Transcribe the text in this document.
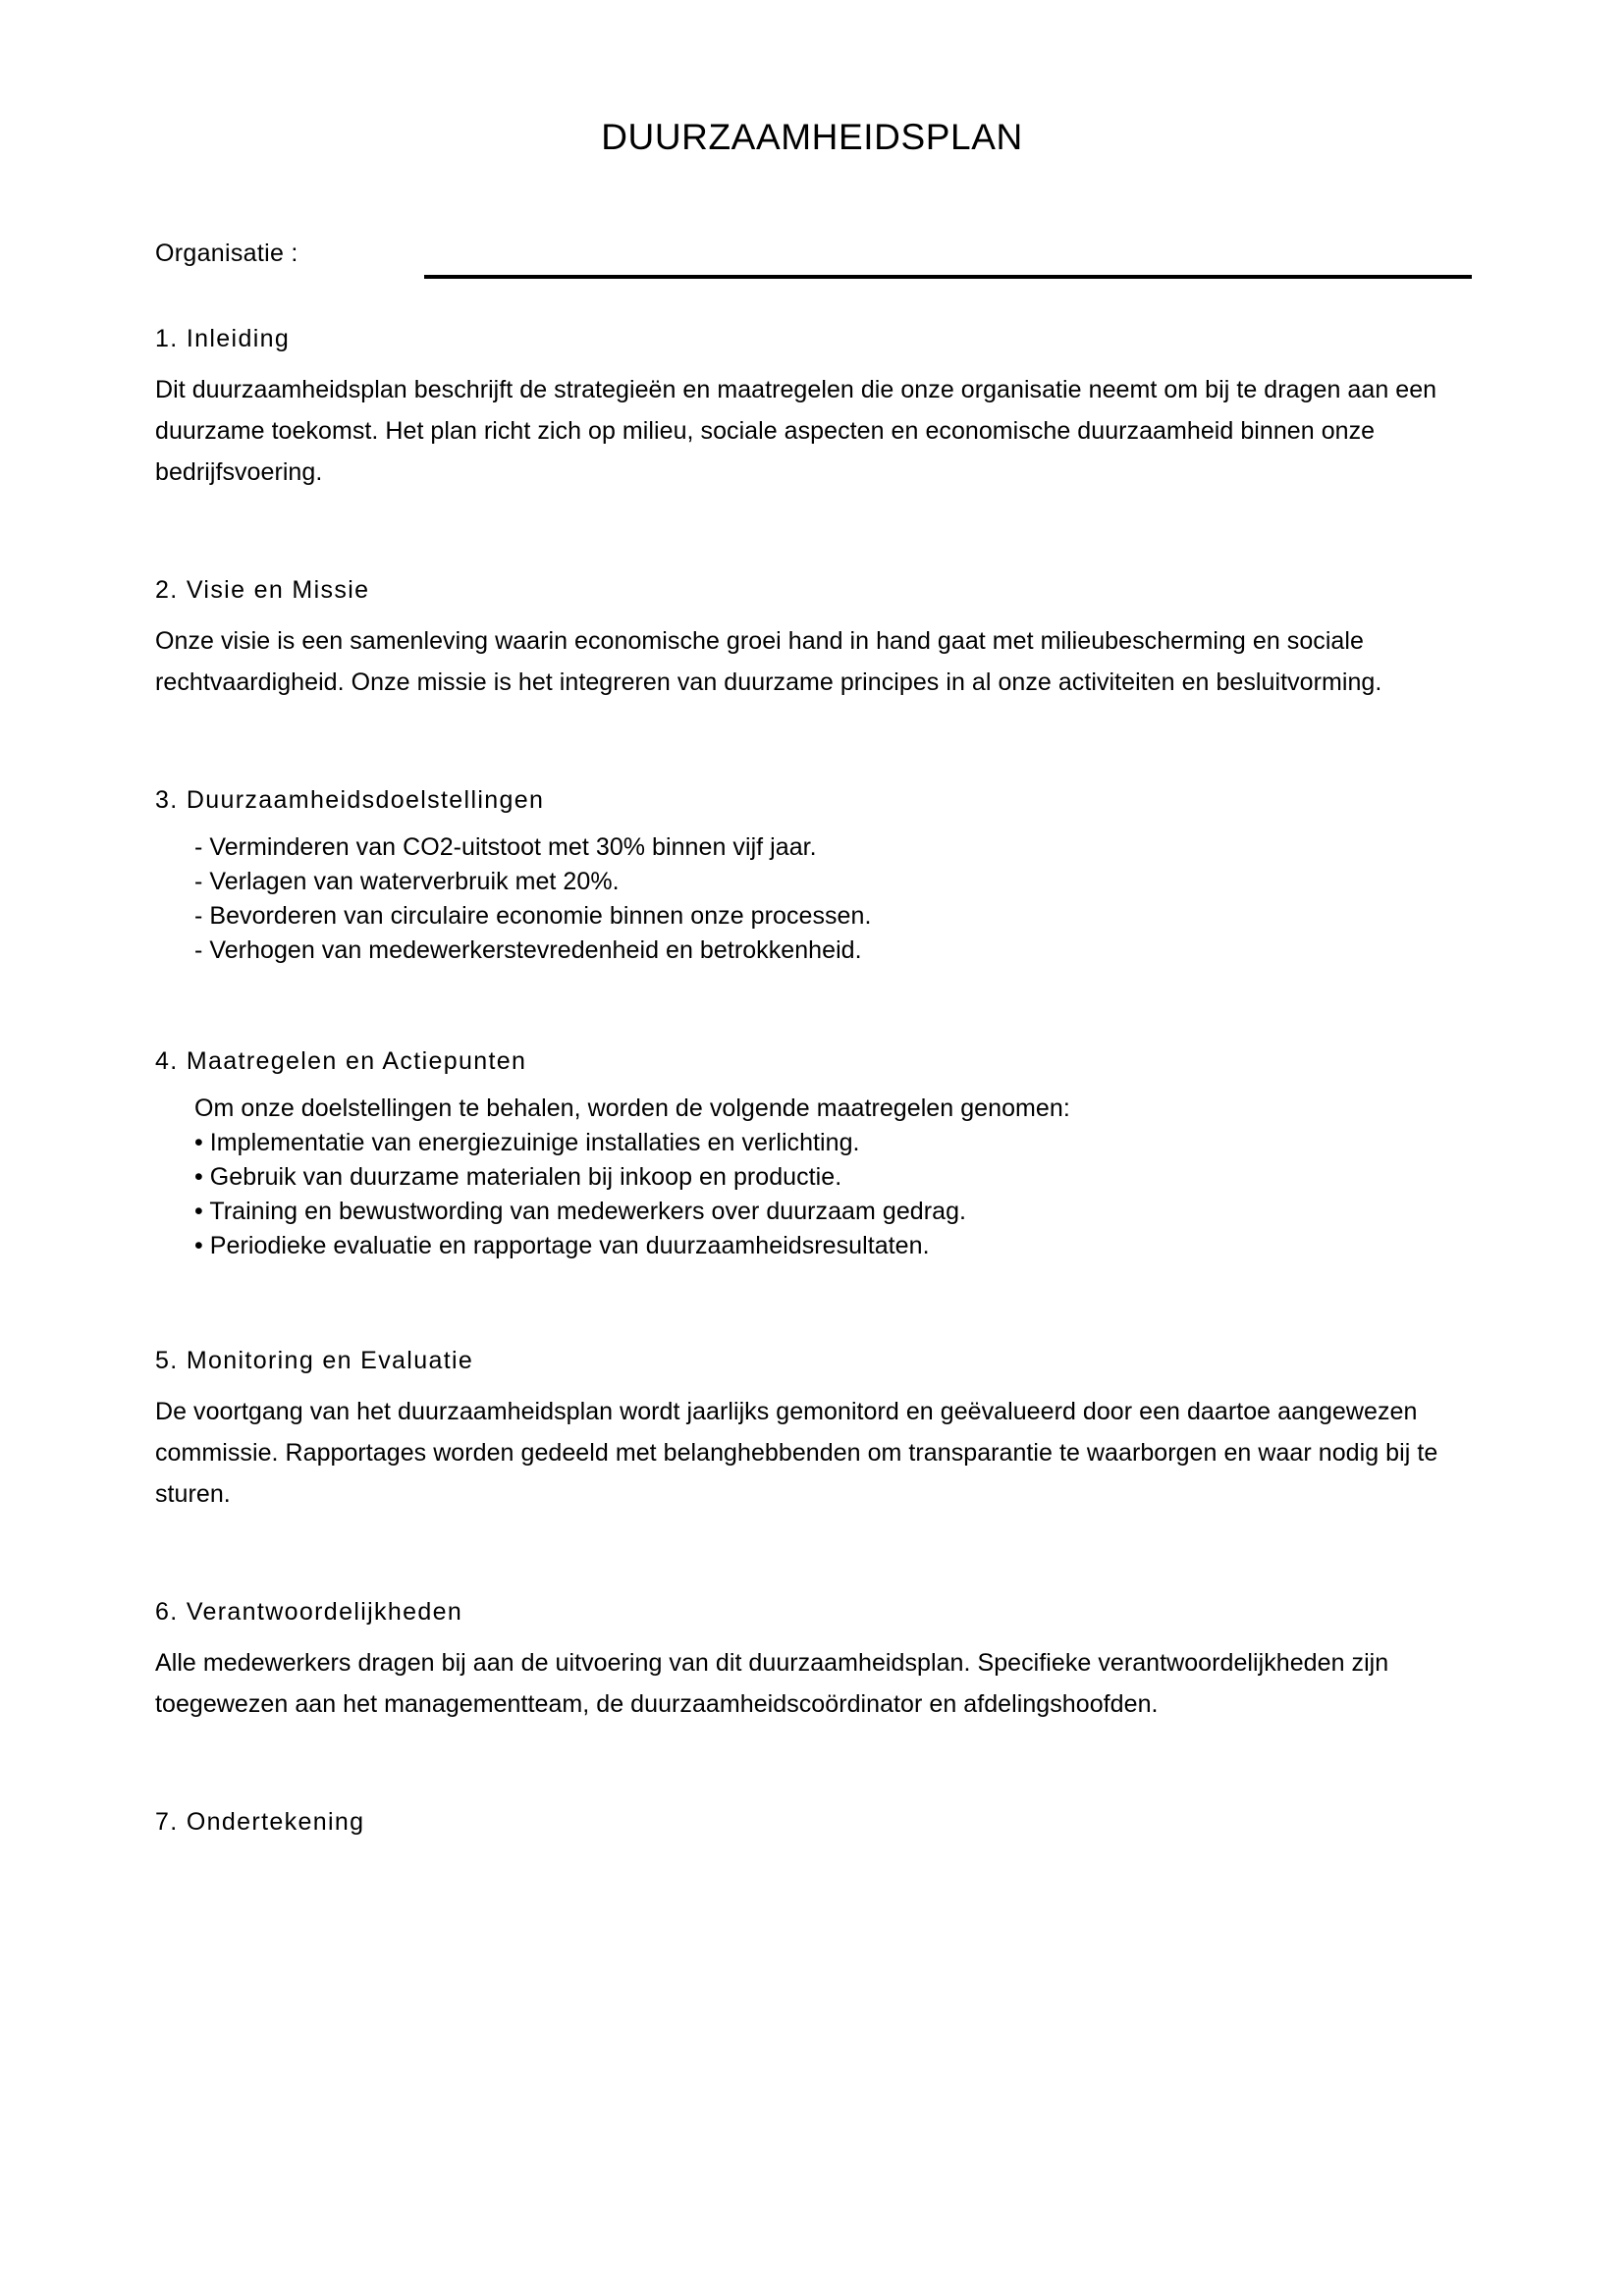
DUURZAAMHEIDSPLAN
Organisatie :
1. Inleiding

Dit duurzaamheidsplan beschrijft de strategieën en maatregelen die onze organisatie neemt om bij te dragen aan een duurzame toekomst. Het plan richt zich op milieu, sociale aspecten en economische duurzaamheid binnen onze bedrijfsvoering.

2. Visie en Missie

Onze visie is een samenleving waarin economische groei hand in hand gaat met milieubescherming en sociale rechtvaardigheid. Onze missie is het integreren van duurzame principes in al onze activiteiten en besluitvorming.

3. Duurzaamheidsdoelstellingen
- Verminderen van CO2-uitstoot met 30% binnen vijf jaar.
- Verlagen van waterverbruik met 20%.
- Bevorderen van circulaire economie binnen onze processen.
- Verhogen van medewerkerstevredenheid en betrokkenheid.
4. Maatregelen en Actiepunten
Om onze doelstellingen te behalen, worden de volgende maatregelen genomen:
• Implementatie van energiezuinige installaties en verlichting.
• Gebruik van duurzame materialen bij inkoop en productie.
• Training en bewustwording van medewerkers over duurzaam gedrag.
• Periodieke evaluatie en rapportage van duurzaamheidsresultaten.
5. Monitoring en Evaluatie

De voortgang van het duurzaamheidsplan wordt jaarlijks gemonitord en geëvalueerd door een daartoe aangewezen commissie. Rapportages worden gedeeld met belanghebbenden om transparantie te waarborgen en waar nodig bij te sturen.

6. Verantwoordelijkheden

Alle medewerkers dragen bij aan de uitvoering van dit duurzaamheidsplan. Specifieke verantwoordelijkheden zijn toegewezen aan het managementteam, de duurzaamheidscoördinator en afdelingshoofden.

7. Ondertekening
